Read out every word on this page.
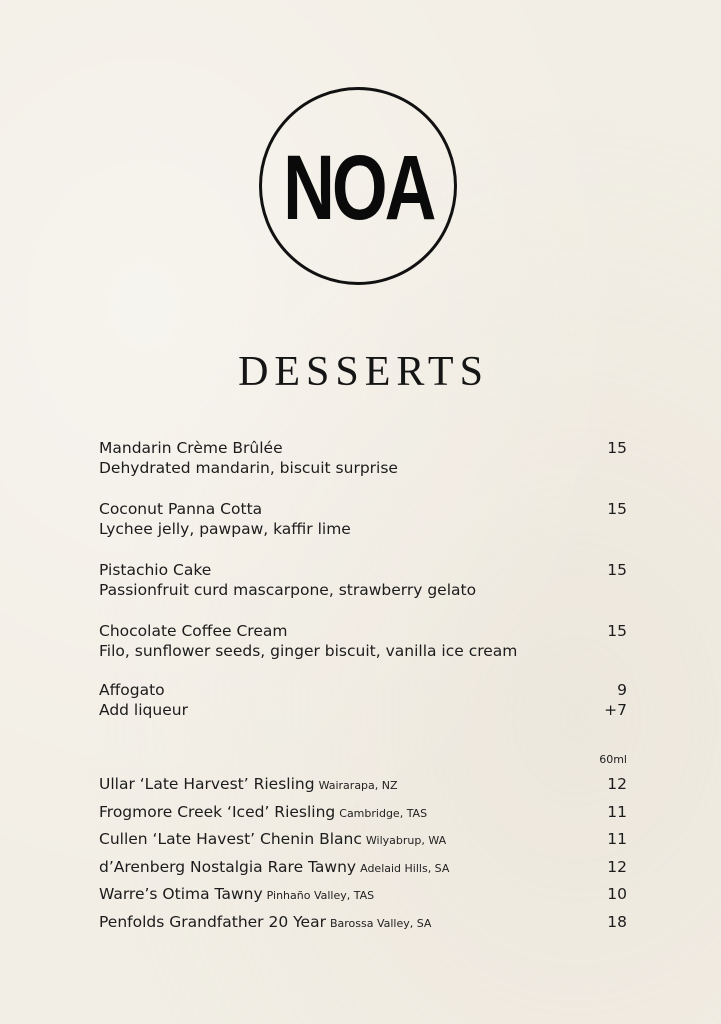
NOA
DESSERTS
Mandarin Crème Brûlée	15
Dehydrated mandarin, biscuit surprise
Coconut Panna Cotta	15
Lychee jelly, pawpaw, kaffir lime
Pistachio Cake	15
Passionfruit curd mascarpone, strawberry gelato
Chocolate Coffee Cream	15
Filo, sunflower seeds, ginger biscuit, vanilla ice cream
Affogato	9
Add liqueur	+7
60ml
Ullar ‘Late Harvest’ Riesling Wairarapa, NZ	12
Frogmore Creek ‘Iced’ Riesling Cambridge, TAS	11
Cullen ‘Late Havest’ Chenin Blanc Wilyabrup, WA	11
d’Arenberg Nostalgia Rare Tawny Adelaid Hills, SA	12
Warre’s Otima Tawny Pinhaño Valley, TAS	10
Penfolds Grandfather 20 Year Barossa Valley, SA	18
